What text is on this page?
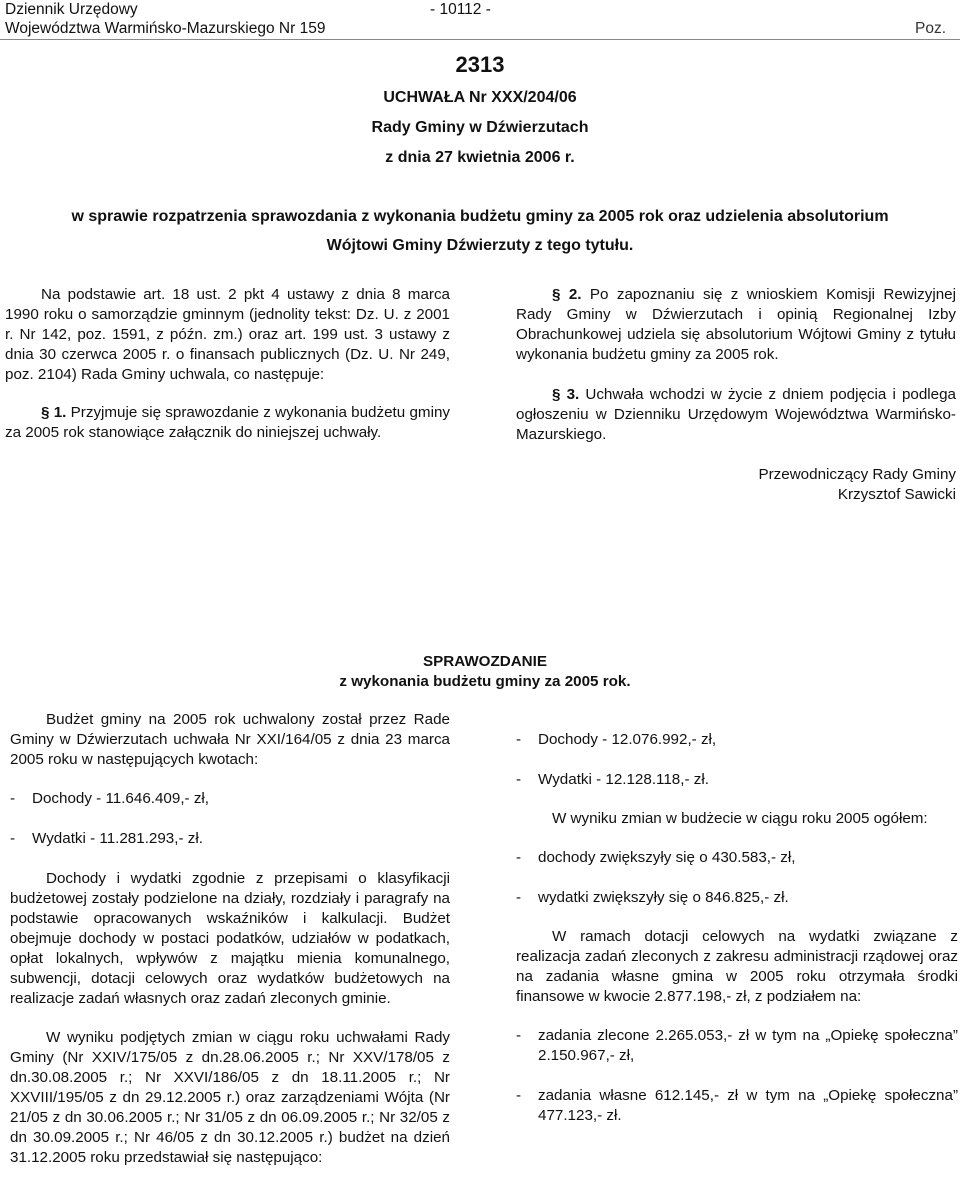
Dziennik Urzędowy
Województwa Warmińsko-Mazurskiego Nr 159
- 10112 -
Poz.
2313
UCHWAŁA Nr XXX/204/06
Rady Gminy w Dźwierzutach
z dnia 27 kwietnia 2006 r.
w sprawie rozpatrzenia sprawozdania z wykonania budżetu gminy za 2005 rok oraz udzielenia absolutorium
Wójtowi Gminy Dźwierzuty z tego tytułu.

Na podstawie art. 18 ust. 2 pkt 4 ustawy z dnia 8 marca 1990 roku o samorządzie gminnym (jednolity tekst: Dz. U. z 2001 r. Nr 142, poz. 1591, z późn. zm.) oraz art. 199 ust. 3 ustawy z dnia 30 czerwca 2005 r. o finansach publicznych (Dz. U. Nr 249, poz. 2104) Rada Gminy uchwala, co następuje:

§ 1. Przyjmuje się sprawozdanie z wykonania budżetu gminy za 2005 rok stanowiące załącznik do niniejszej uchwały.

§ 2. Po zapoznaniu się z wnioskiem Komisji Rewizyjnej Rady Gminy w Dźwierzutach i opinią Regionalnej Izby Obrachunkowej udziela się absolutorium Wójtowi Gminy z tytułu wykonania budżetu gminy za 2005 rok.

§ 3. Uchwała wchodzi w życie z dniem podjęcia i podlega ogłoszeniu w Dzienniku Urzędowym Województwa Warmińsko-Mazurskiego.

Przewodniczący Rady Gminy

Krzysztof Sawicki

SPRAWOZDANIE
z wykonania budżetu gminy za 2005 rok.

Budżet gminy na 2005 rok uchwalony został przez Rade Gminy w Dźwierzutach uchwała Nr XXI/164/05 z dnia 23 marca 2005 roku w następujących kwotach:

- Dochody - 11.646.409,- zł,
- Wydatki - 11.281.293,- zł.

Dochody i wydatki zgodnie z przepisami o klasyfikacji budżetowej zostały podzielone na działy, rozdziały i paragrafy na podstawie opracowanych wskaźników i kalkulacji. Budżet obejmuje dochody w postaci podatków, udziałów w podatkach, opłat lokalnych, wpływów z majątku mienia komunalnego, subwencji, dotacji celowych oraz wydatków budżetowych na realizacje zadań własnych oraz zadań zleconych gminie.

W wyniku podjętych zmian w ciągu roku uchwałami Rady Gminy (Nr XXIV/175/05 z dn.28.06.2005 r.; Nr XXV/178/05 z dn.30.08.2005 r.; Nr XXVI/186/05 z dn 18.11.2005 r.; Nr XXVIII/195/05 z dn 29.12.2005 r.) oraz zarządzeniami Wójta (Nr 21/05 z dn 30.06.2005 r.; Nr 31/05 z dn 06.09.2005 r.; Nr 32/05 z dn 30.09.2005 r.; Nr 46/05 z dn 30.12.2005 r.) budżet na dzień 31.12.2005 roku przedstawiał się następująco:

- Dochody - 12.076.992,- zł,
- Wydatki - 12.128.118,- zł.

W wyniku zmian w budżecie w ciągu roku 2005 ogółem:

- dochody zwiększyły się o 430.583,- zł,
- wydatki zwiększyły się o 846.825,- zł.

W ramach dotacji celowych na wydatki związane z realizacja zadań zleconych z zakresu administracji rządowej oraz na zadania własne gmina w 2005 roku otrzymała środki finansowe w kwocie 2.877.198,- zł, z podziałem na:

- zadania zlecone 2.265.053,- zł w tym na „Opiekę społeczna” 2.150.967,- zł,
- zadania własne 612.145,- zł w tym na „Opiekę społeczna” 477.123,- zł.
